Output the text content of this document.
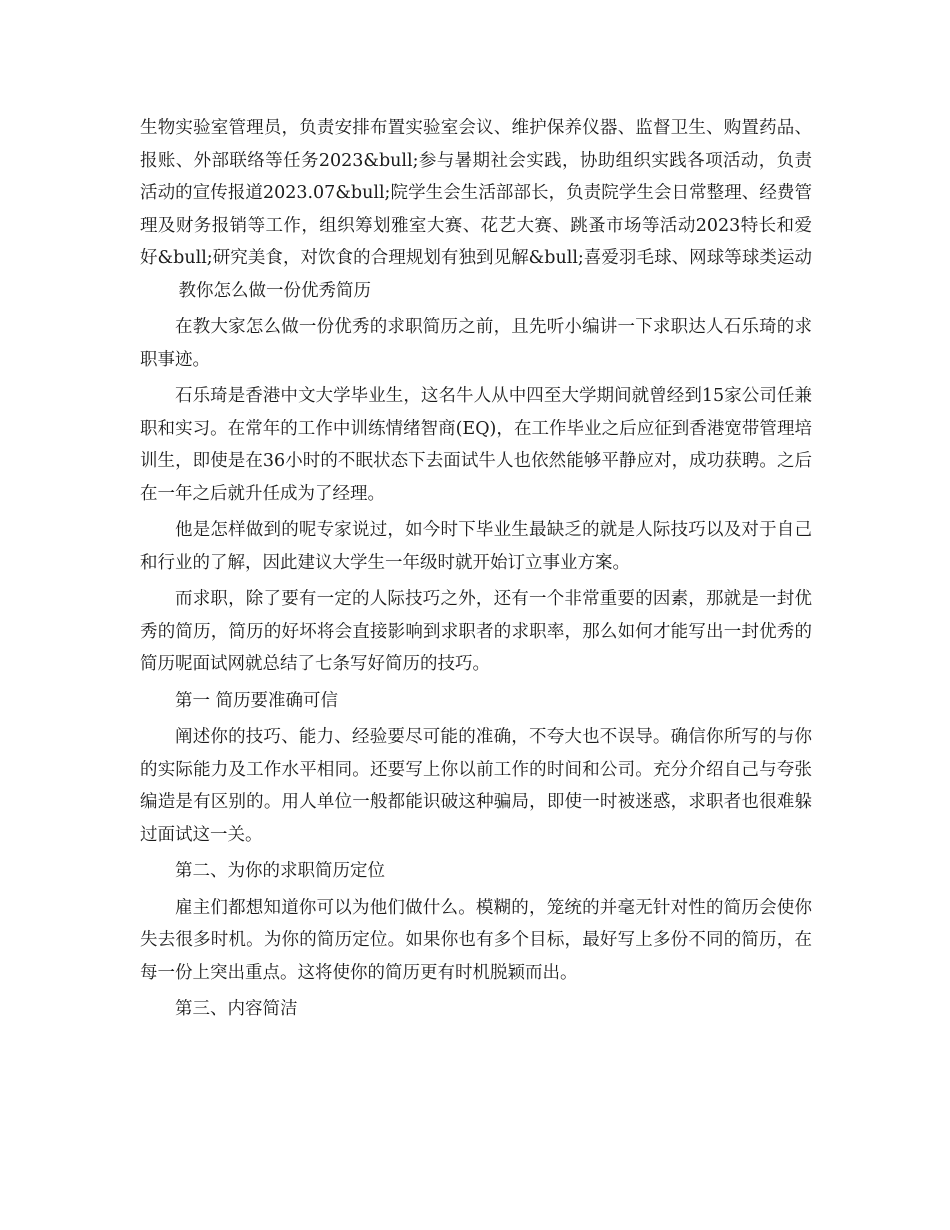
生物实验室管理员，负责安排布置实验室会议、维护保养仪器、监督卫生、购置药品、报账、外部联络等任务2023&bull;参与暑期社会实践，协助组织实践各项活动，负责活动的宣传报道2023.07&bull;院学生会生活部部长，负责院学生会日常整理、经费管理及财务报销等工作，组织筹划雅室大赛、花艺大赛、跳蚤市场等活动2023特长和爱好&bull;研究美食，对饮食的合理规划有独到见解&bull;喜爱羽毛球、网球等球类运动教你怎么做一份优秀简历

在教大家怎么做一份优秀的求职简历之前，且先听小编讲一下求职达人石乐琦的求职事迹。

石乐琦是香港中文大学毕业生，这名牛人从中四至大学期间就曾经到15家公司任兼职和实习。在常年的工作中训练情绪智商(EQ)，在工作毕业之后应征到香港宽带管理培训生，即使是在36小时的不眠状态下去面试牛人也依然能够平静应对，成功获聘。之后在一年之后就升任成为了经理。

他是怎样做到的呢专家说过，如今时下毕业生最缺乏的就是人际技巧以及对于自己和行业的了解，因此建议大学生一年级时就开始订立事业方案。

而求职，除了要有一定的人际技巧之外，还有一个非常重要的因素，那就是一封优秀的简历，简历的好坏将会直接影响到求职者的求职率，那么如何才能写出一封优秀的简历呢面试网就总结了七条写好简历的技巧。

第一 简历要准确可信

阐述你的技巧、能力、经验要尽可能的准确，不夸大也不误导。确信你所写的与你的实际能力及工作水平相同。还要写上你以前工作的时间和公司。充分介绍自己与夸张编造是有区别的。用人单位一般都能识破这种骗局，即使一时被迷惑，求职者也很难躲过面试这一关。

第二、为你的求职简历定位

雇主们都想知道你可以为他们做什么。模糊的，笼统的并毫无针对性的简历会使你失去很多时机。为你的简历定位。如果你也有多个目标，最好写上多份不同的简历，在每一份上突出重点。这将使你的简历更有时机脱颖而出。

第三、内容简洁
